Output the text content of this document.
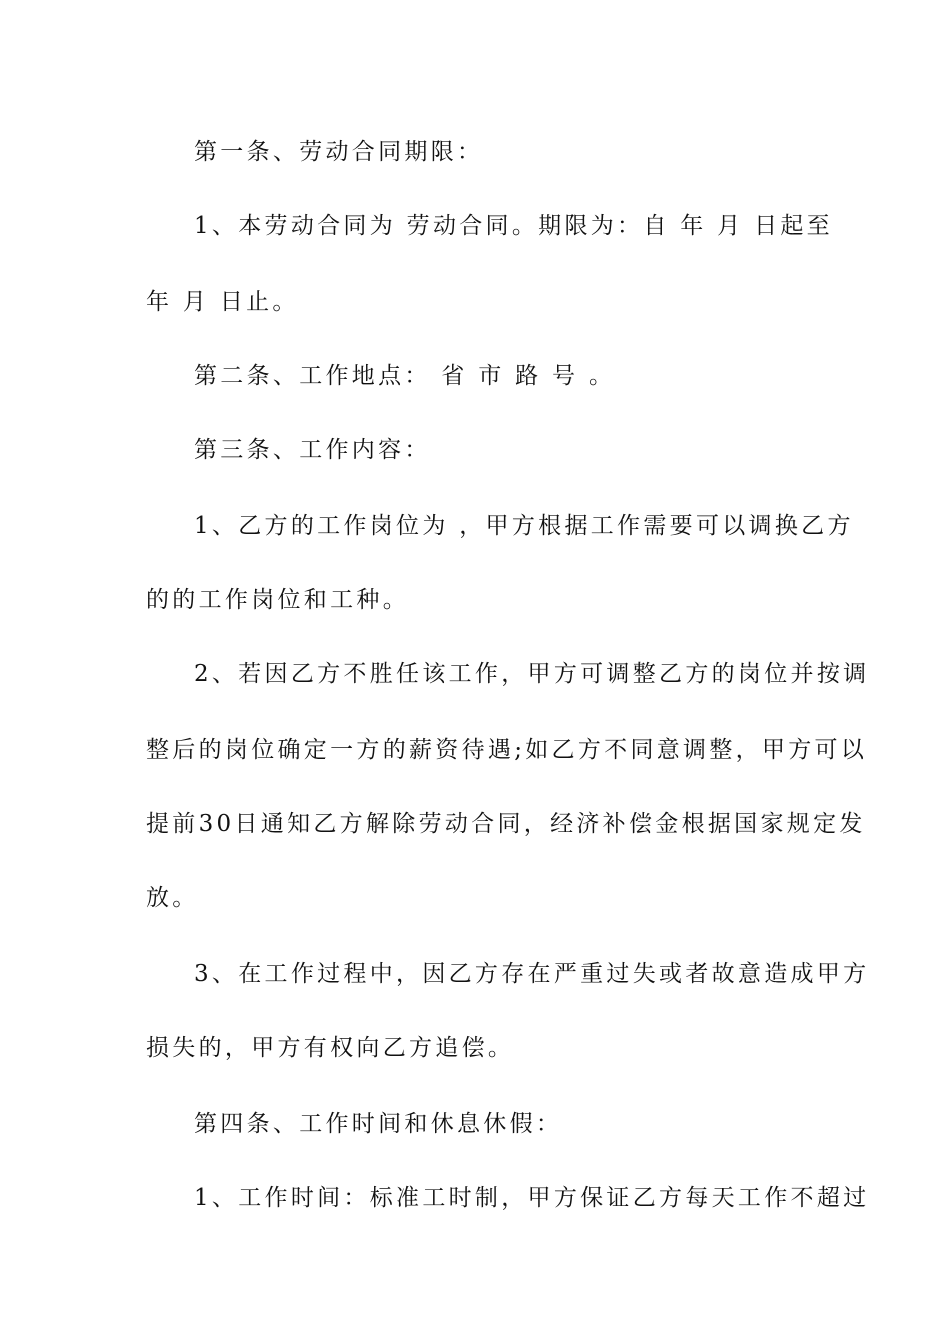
第一条、劳动合同期限：
1、本劳动合同为 劳动合同。期限为：自 年 月 日起至
年 月 日止。
第二条、工作地点： 省 市 路 号 。
第三条、工作内容：
1、乙方的工作岗位为 ，甲方根据工作需要可以调换乙方
的的工作岗位和工种。
2、若因乙方不胜任该工作，甲方可调整乙方的岗位并按调
整后的岗位确定一方的薪资待遇;如乙方不同意调整，甲方可以
提前30日通知乙方解除劳动合同，经济补偿金根据国家规定发
放。
3、在工作过程中，因乙方存在严重过失或者故意造成甲方
损失的，甲方有权向乙方追偿。
第四条、工作时间和休息休假：
1、工作时间：标准工时制，甲方保证乙方每天工作不超过
